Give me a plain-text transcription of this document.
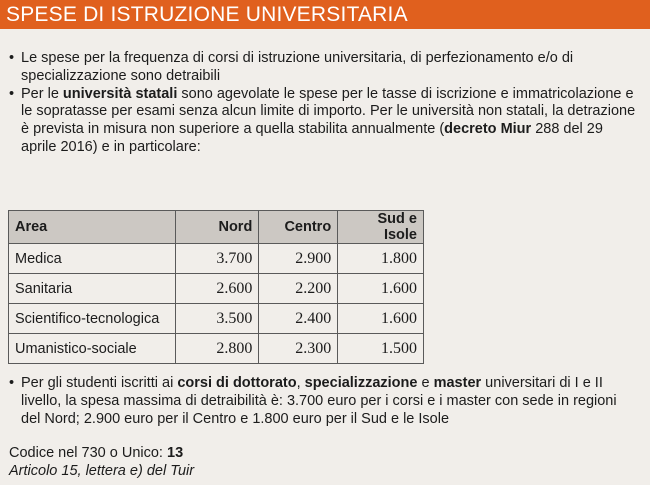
SPESE DI ISTRUZIONE UNIVERSITARIA
• Le spese per la frequenza di corsi di istruzione universitaria, di perfezionamento e/o di specializzazione sono detraibili
• Per le università statali sono agevolate le spese per le tasse di iscrizione e immatricolazione e le sopratasse per esami senza alcun limite di importo. Per le università non statali, la detrazione è prevista in misura non superiore a quella stabilita annualmente (decreto Miur 288 del 29 aprile 2016) e in particolare:
Area	Nord	Centro	Sud e Isole
Medica	3.700	2.900	1.800
Sanitaria	2.600	2.200	1.600
Scientifico-tecnologica	3.500	2.400	1.600
Umanistico-sociale	2.800	2.300	1.500
• Per gli studenti iscritti ai corsi di dottorato, specializzazione e master universitari di I e II livello, la spesa massima di detraibilità è: 3.700 euro per i corsi e i master con sede in regioni del Nord; 2.900 euro per il Centro e 1.800 euro per il Sud e le Isole
Codice nel 730 o Unico: 13
Articolo 15, lettera e) del Tuir
